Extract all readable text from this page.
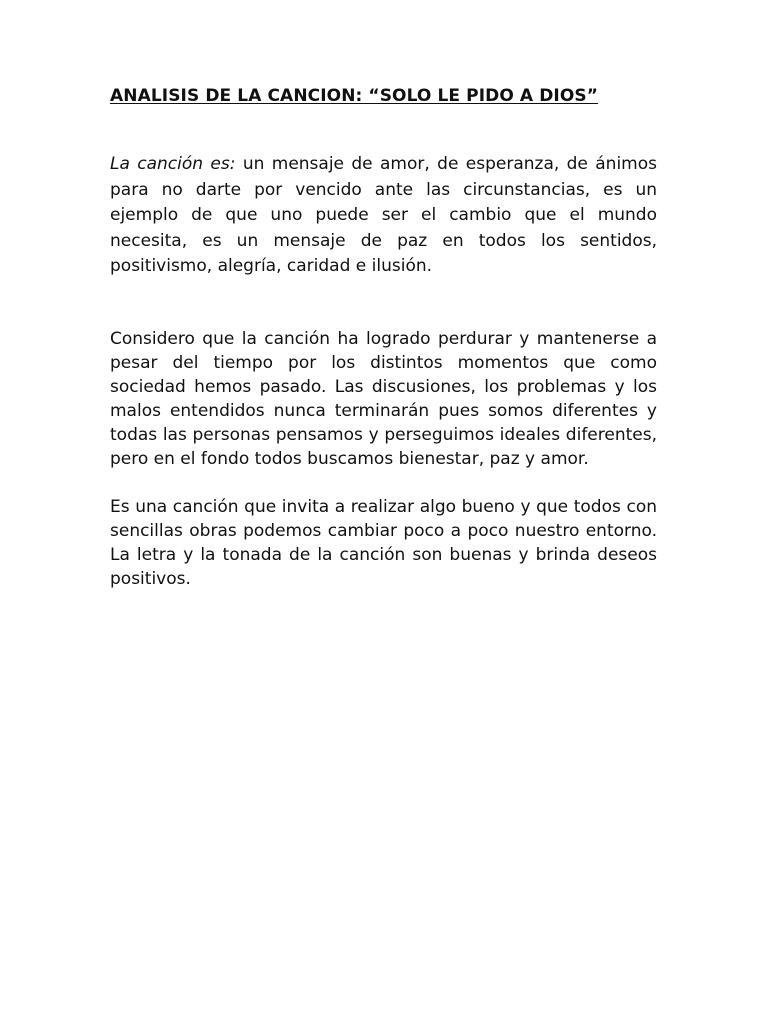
ANALISIS DE LA CANCION: “SOLO LE PIDO A DIOS”

La canción es: un mensaje de amor, de esperanza, de ánimos para no darte por vencido ante las circunstancias, es un ejemplo de que uno puede ser el cambio que el mundo necesita, es un mensaje de paz en todos los sentidos, positivismo, alegría, caridad e ilusión.

Considero que la canción ha logrado perdurar y mantenerse a pesar del tiempo por los distintos momentos que como sociedad hemos pasado. Las discusiones, los problemas y los malos entendidos nunca terminarán pues somos diferentes y todas las personas pensamos y perseguimos ideales diferentes, pero en el fondo todos buscamos bienestar, paz y amor.

Es una canción que invita a realizar algo bueno y que todos con sencillas obras podemos cambiar poco a poco nuestro entorno. La letra y la tonada de la canción son buenas y brinda deseos positivos.
